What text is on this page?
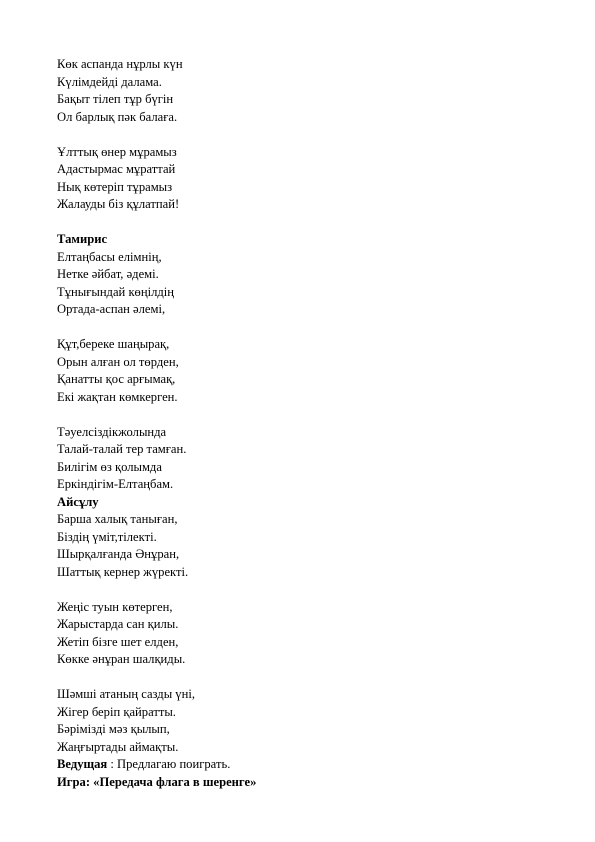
Көк аспанда нұрлы күн
Күлімдейді далама.
Бақыт тілеп тұр бүгін
Ол барлық пәк балаға.
Ұлттық өнер мұрамыз
Адастырмас мұраттай
Нық көтеріп тұрамыз
Жалауды біз құлатпай!
Тамирис
Елтаңбасы елімнің,
Нетке әйбат, әдемі.
Тұнығындай көңілдің
Ортада-аспан әлемі,
Құт,береке шаңырақ,
Орын алған ол төрден,
Қанатты қос арғымақ,
Екі жақтан көмкерген.
Тәуелсіздікжолында
Талай-талай тер тамған.
Билігім өз қолымда
Еркіндігім-Елтаңбам.
Айсұлу
Барша халық таныған,
Біздің үміт,тілекті.
Шырқалғанда Әнұран,
Шаттық кернер жүректі.
Жеңіс туын көтерген,
Жарыстарда сан қилы.
Жетіп бізге шет елден,
Көкке әнұран шалқиды.
Шәмші атаның сазды үні,
Жігер беріп қайратты.
Бәрімізді мәз қылып,
Жаңғыртады аймақты.
Ведущая : Предлагаю поиграть.
Игра: «Передача флага в шеренге»
